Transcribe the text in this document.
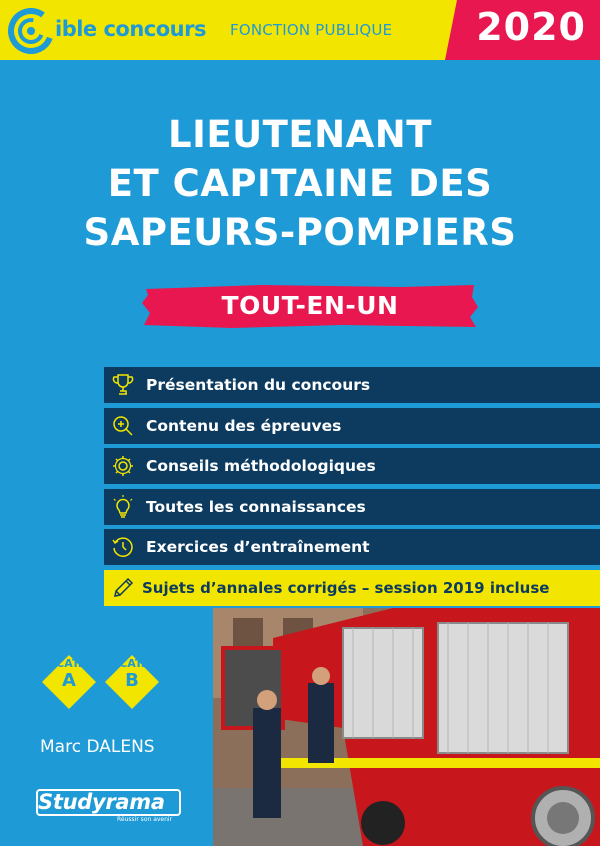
ible concours FONCTION PUBLIQUE 2020
LIEUTENANT
ET CAPITAINE DES
SAPEURS-POMPIERS
TOUT-EN-UN
Présentation du concours
Contenu des épreuves
Conseils méthodologiques
Toutes les connaissances
Exercices d’entraînement
Sujets d’annales corrigés – session 2019 incluse
CAT.
A
CAT.
B
Marc DALENS
Studyrama
Réussir son avenir
